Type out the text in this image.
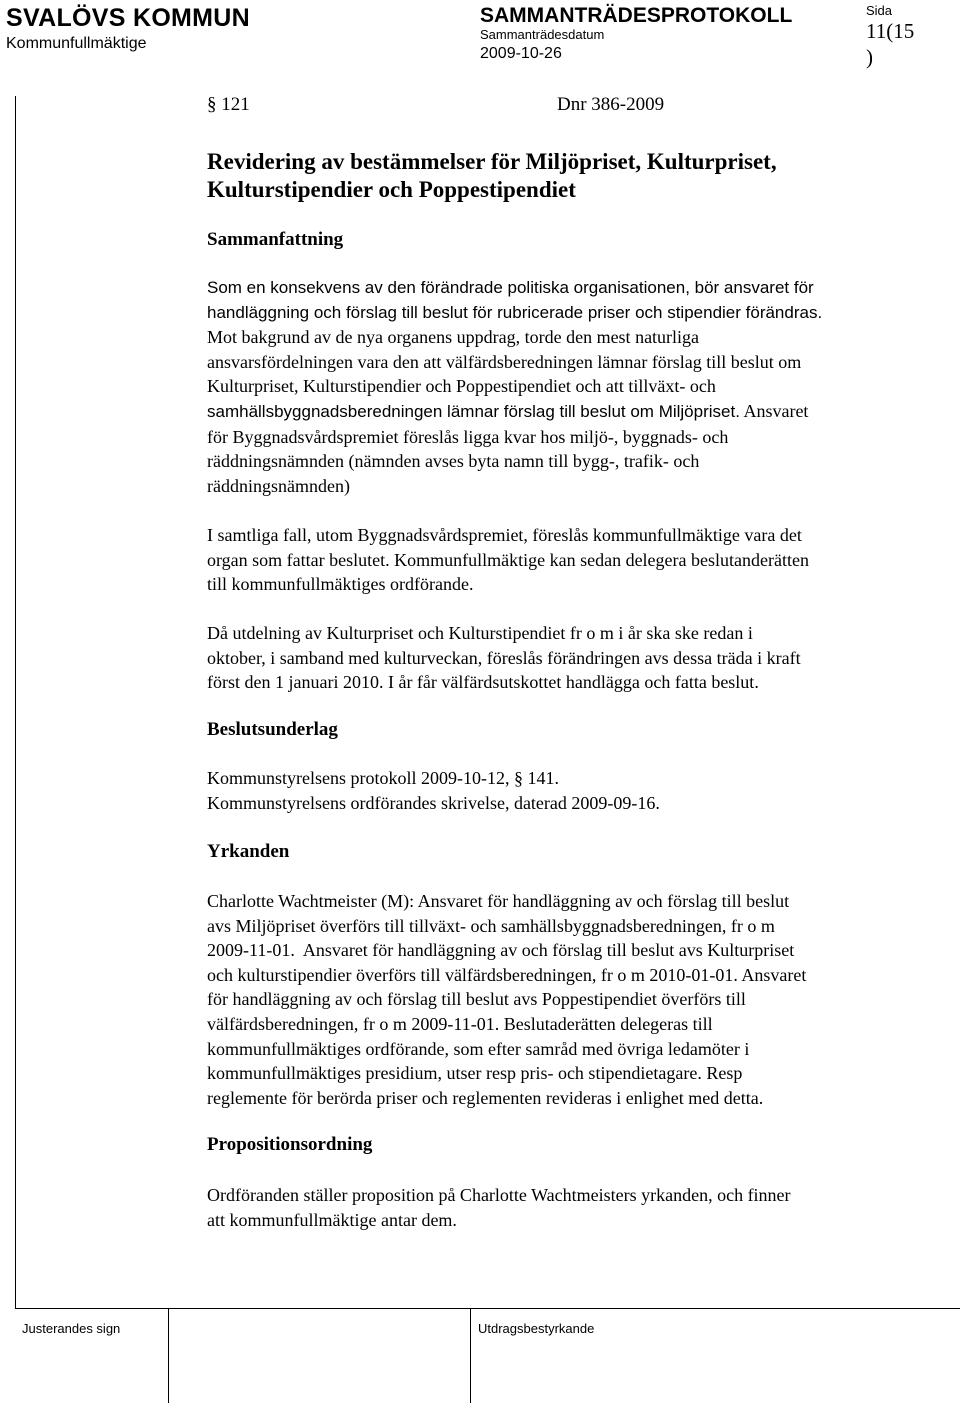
SVALÖVS KOMMUN
Kommunfullmäktige
SAMMANTRÄDESPROTOKOLL
Sammanträdesdatum
2009-10-26
Sida
11(15
)
§ 121	Dnr 386-2009
Revidering av bestämmelser för Miljöpriset, Kulturpriset,
Kulturstipendier och Poppestipendiet
Sammanfattning
Som en konsekvens av den förändrade politiska organisationen, bör ansvaret för
handläggning och förslag till beslut för rubricerade priser och stipendier förändras.
Mot bakgrund av de nya organens uppdrag, torde den mest naturliga
ansvarsfördelningen vara den att välfärdsberedningen lämnar förslag till beslut om
Kulturpriset, Kulturstipendier och Poppestipendiet och att tillväxt- och
samhällsbyggnadsberedningen lämnar förslag till beslut om Miljöpriset. Ansvaret
för Byggnadsvårdspremiet föreslås ligga kvar hos miljö-, byggnads- och
räddningsnämnden (nämnden avses byta namn till bygg-, trafik- och
räddningsnämnden)
I samtliga fall, utom Byggnadsvårdspremiet, föreslås kommunfullmäktige vara det
organ som fattar beslutet. Kommunfullmäktige kan sedan delegera beslutanderätten
till kommunfullmäktiges ordförande.
Då utdelning av Kulturpriset och Kulturstipendiet fr o m i år ska ske redan i
oktober, i samband med kulturveckan, föreslås förändringen avs dessa träda i kraft
först den 1 januari 2010. I år får välfärdsutskottet handlägga och fatta beslut.
Beslutsunderlag
Kommunstyrelsens protokoll 2009-10-12, § 141.
Kommunstyrelsens ordförandes skrivelse, daterad 2009-09-16.
Yrkanden
Charlotte Wachtmeister (M): Ansvaret för handläggning av och förslag till beslut
avs Miljöpriset överförs till tillväxt- och samhällsbyggnadsberedningen, fr o m
2009-11-01.  Ansvaret för handläggning av och förslag till beslut avs Kulturpriset
och kulturstipendier överförs till välfärdsberedningen, fr o m 2010-01-01. Ansvaret
för handläggning av och förslag till beslut avs Poppestipendiet överförs till
välfärdsberedningen, fr o m 2009-11-01. Beslutaderätten delegeras till
kommunfullmäktiges ordförande, som efter samråd med övriga ledamöter i
kommunfullmäktiges presidium, utser resp pris- och stipendietagare. Resp
reglemente för berörda priser och reglementen revideras i enlighet med detta.
Propositionsordning
Ordföranden ställer proposition på Charlotte Wachtmeisters yrkanden, och finner
att kommunfullmäktige antar dem.
Justerandes sign	Utdragsbestyrkande
